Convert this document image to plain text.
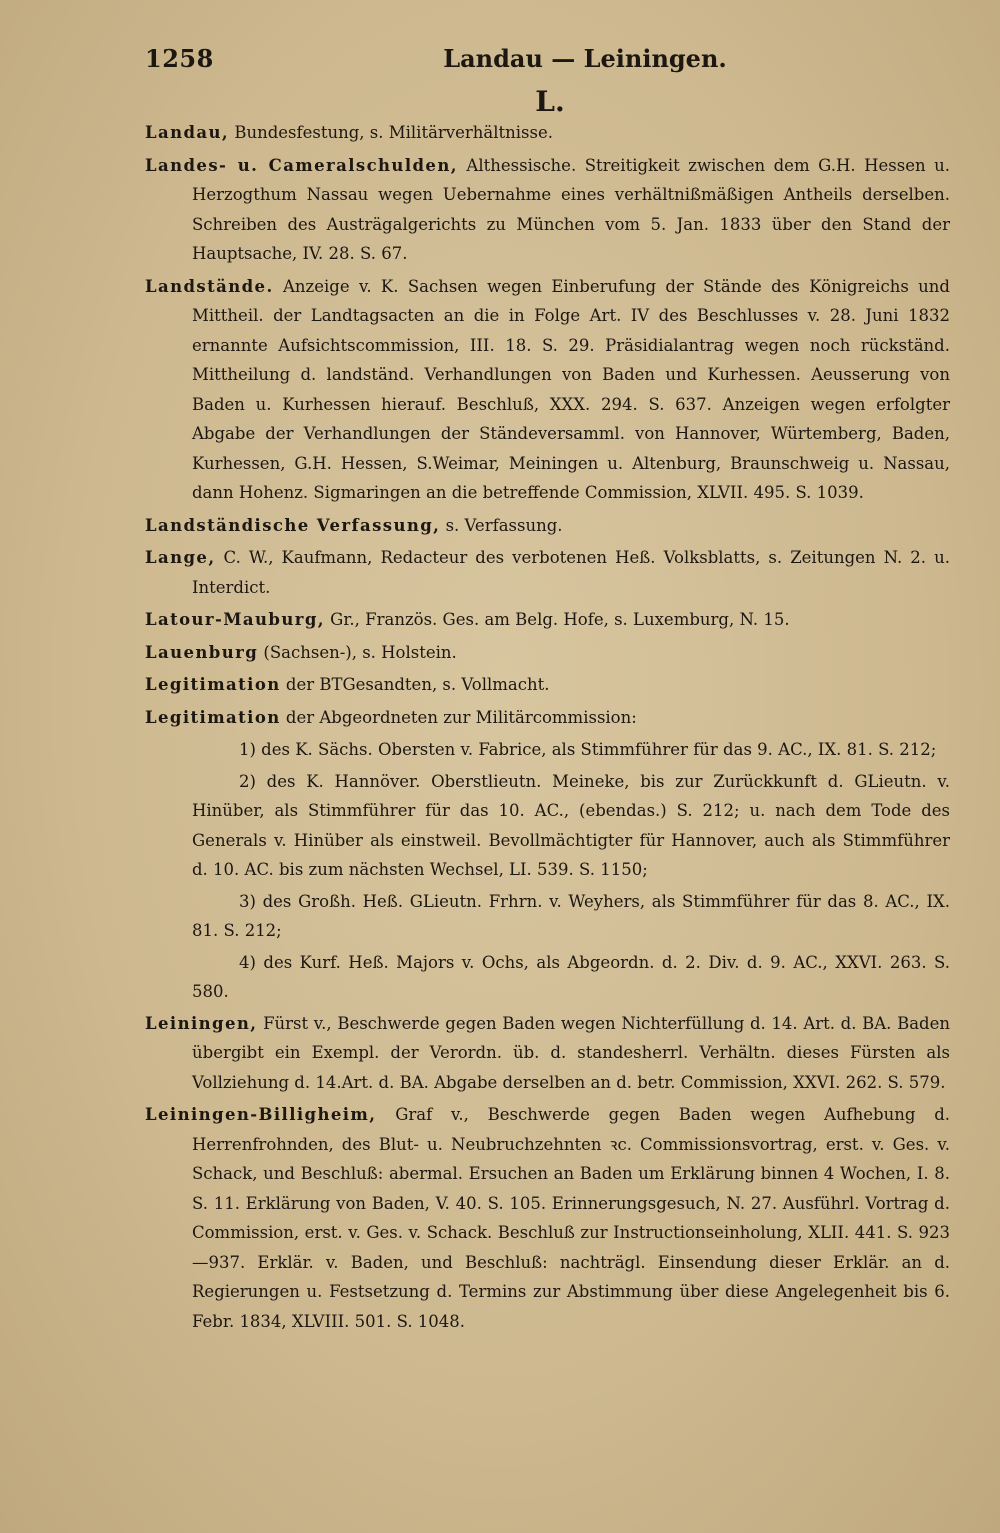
1258	Landau — Leiningen.
L.
Landau, Bundesfestung, s. Militärverhältnisse.
Landes- u. Cameralschulden, Althessische. Streitigkeit zwischen dem G.H. Hessen u. Herzogthum Nassau wegen Uebernahme eines verhältnißmäßigen Antheils derselben. Schreiben des Austrägalgerichts zu München vom 5. Jan. 1833 über den Stand der Hauptsache, IV. 28. S. 67.
Landstände. Anzeige v. K. Sachsen wegen Einberufung der Stände des Königreichs und Mittheil. der Landtagsacten an die in Folge Art. IV des Beschlusses v. 28. Juni 1832 ernannte Aufsichtscommission, III. 18. S. 29. Präsidialantrag wegen noch rückständ. Mittheilung d. landständ. Verhandlungen von Baden und Kurhessen. Aeusserung von Baden u. Kurhessen hierauf. Beschluß, XXX. 294. S. 637. Anzeigen wegen erfolgter Abgabe der Verhandlungen der Ständeversamml. von Hannover, Würtemberg, Baden, Kurhessen, G.H. Hessen, S.Weimar, Meiningen u. Altenburg, Braunschweig u. Nassau, dann Hohenz. Sigmaringen an die betreffende Commission, XLVII. 495. S. 1039.
Landständische Verfassung, s. Verfassung.
Lange, C. W., Kaufmann, Redacteur des verbotenen Heß. Volksblatts, s. Zeitungen N. 2. u. Interdict.
Latour-Mauburg, Gr., Französ. Ges. am Belg. Hofe, s. Luxemburg, N. 15.
Lauenburg (Sachsen-), s. Holstein.
Legitimation der BTGesandten, s. Vollmacht.
Legitimation der Abgeordneten zur Militärcommission:
1) des K. Sächs. Obersten v. Fabrice, als Stimmführer für das 9. AC., IX. 81. S. 212;
2) des K. Hannöver. Oberstlieutn. Meineke, bis zur Zurückkunft d. GLieutn. v. Hinüber, als Stimmführer für das 10. AC., (ebendas.) S. 212; u. nach dem Tode des Generals v. Hinüber als einstweil. Bevollmächtigter für Hannover, auch als Stimmführer d. 10. AC. bis zum nächsten Wechsel, LI. 539. S. 1150;
3) des Großh. Heß. GLieutn. Frhrn. v. Weyhers, als Stimmführer für das 8. AC., IX. 81. S. 212;
4) des Kurf. Heß. Majors v. Ochs, als Abgeordn. d. 2. Div. d. 9. AC., XXVI. 263. S. 580.
Leiningen, Fürst v., Beschwerde gegen Baden wegen Nichterfüllung d. 14. Art. d. BA. Baden übergibt ein Exempl. der Verordn. üb. d. standesherrl. Verhältn. dieses Fürsten als Vollziehung d. 14.Art. d. BA. Abgabe derselben an d. betr. Commission, XXVI. 262. S. 579.
Leiningen-Billigheim, Graf v., Beschwerde gegen Baden wegen Aufhebung d. Herrenfrohnden, des Blut- u. Neubruchzehnten ꝛc. Commissionsvortrag, erst. v. Ges. v. Schack, und Beschluß: abermal. Ersuchen an Baden um Erklärung binnen 4 Wochen, I. 8. S. 11. Erklärung von Baden, V. 40. S. 105. Erinnerungsgesuch, N. 27. Ausführl. Vortrag d. Commission, erst. v. Ges. v. Schack. Beschluß zur Instructionseinholung, XLII. 441. S. 923—937. Erklär. v. Baden, und Beschluß: nachträgl. Einsendung dieser Erklär. an d. Regierungen u. Festsetzung d. Termins zur Abstimmung über diese Angelegenheit bis 6. Febr. 1834, XLVIII. 501. S. 1048.
